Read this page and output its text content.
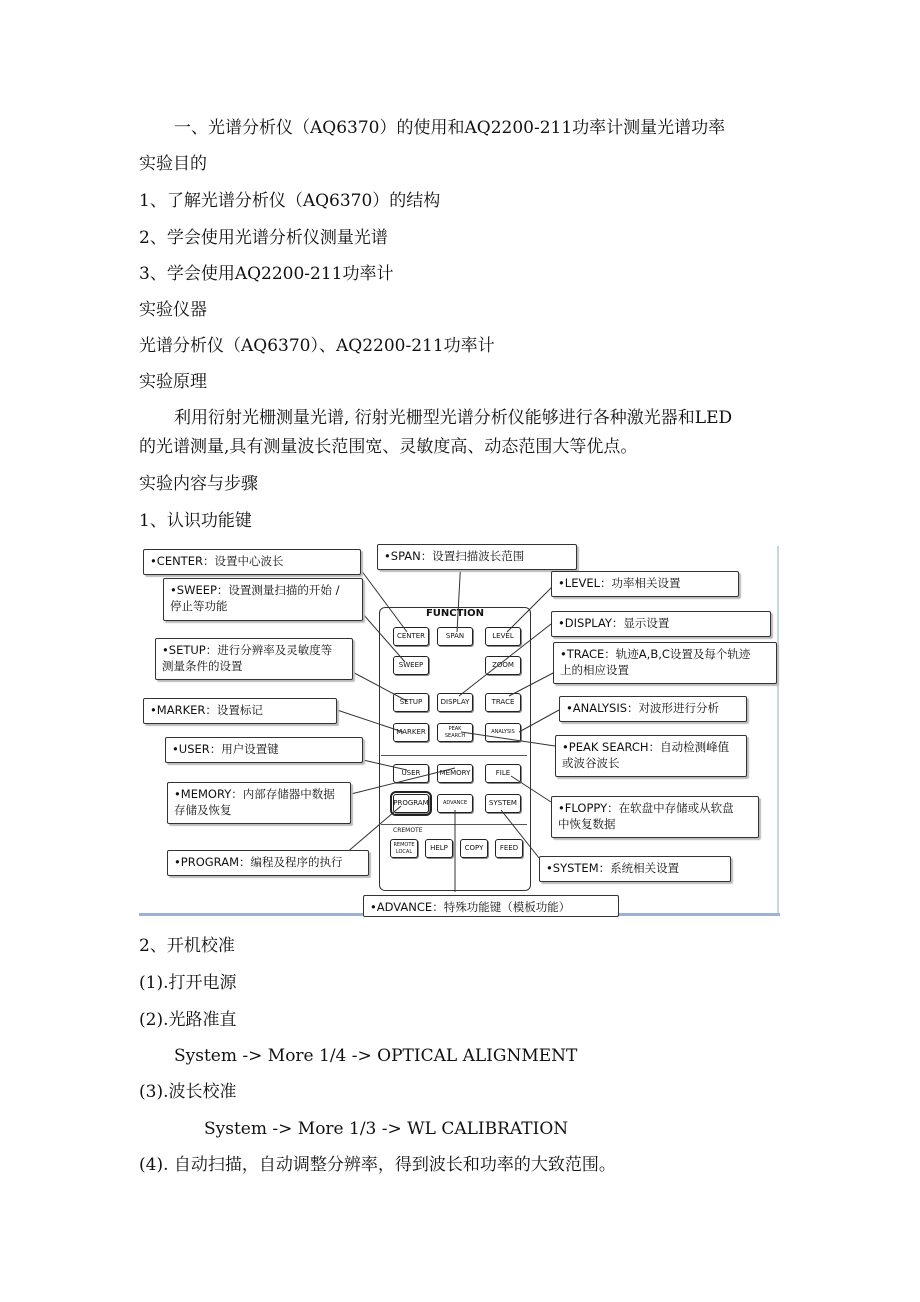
一、光谱分析仪（AQ6370）的使用和AQ2200-211功率计测量光谱功率
实验目的
1、了解光谱分析仪（AQ6370）的结构
2、学会使用光谱分析仪测量光谱
3、学会使用AQ2200-211功率计
实验仪器
光谱分析仪（AQ6370）、AQ2200-211功率计
实验原理
利用衍射光栅测量光谱, 衍射光栅型光谱分析仪能够进行各种激光器和LED
的光谱测量,具有测量波长范围宽、灵敏度高、动态范围大等优点。
实验内容与步骤
1、认识功能键
FUNCTION
CENTER	SPAN	LEVEL
SWEEP	ZOOM
SETUP	DISPLAY	TRACE
MARKER	PEAK SEARCH
ANALYSIS
USER	MEMORY	FILE
PROGRAM	ADVANCE	SYSTEM
CREMOTE
REMOTE LOCAL	HELP	COPY	FEED
•CENTER：设置中心波长	•SPAN：设置扫描波长范围
•LEVEL：功率相关设置
•SWEEP：设置测量扫描的开始 /
停止等功能
•DISPLAY：显示设置
•SETUP：进行分辨率及灵敏度等
测量条件的设置
•TRACE：轨迹A,B,C设置及每个轨迹
上的相应设置
•MARKER：设置标记	•ANALYSIS：对波形进行分析
•USER：用户设置键	•PEAK SEARCH：自动检测峰值
或波谷波长
•MEMORY：内部存储器中数据
存储及恢复	•FLOPPY：在软盘中存储或从软盘
中恢复数据
•PROGRAM：编程及程序的执行	•SYSTEM：系统相关设置
•ADVANCE：特殊功能键（模板功能）
2、开机校准
(1).打开电源
(2).光路准直
System -> More 1/4 -> OPTICAL ALIGNMENT
(3).波长校准
System -> More 1/3 -> WL CALIBRATION
(4). 自动扫描，自动调整分辨率，得到波长和功率的大致范围。
